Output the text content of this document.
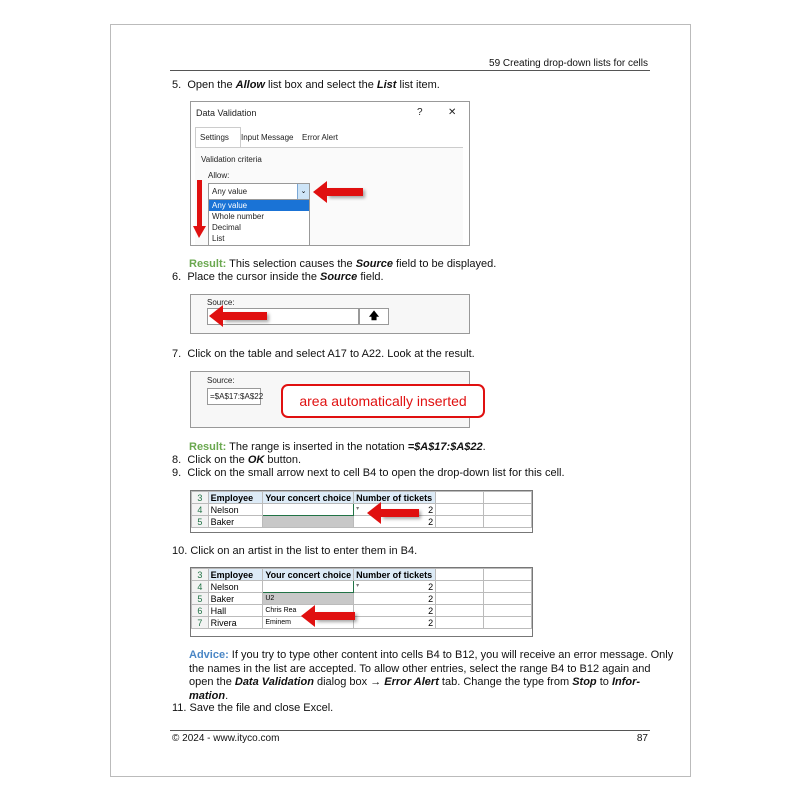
59 Creating drop-down lists for cells
5. Open the Allow list box and select the List list item.
Data Validation	?	✕
Settings Input Message Error Alert
Validation criteria
Allow:
Any value	⌄
Any value
Whole number
Decimal
List
Result: This selection causes the Source field to be displayed.
6. Place the cursor inside the Source field.
Source:
🡅
7. Click on the table and select A17 to A22. Look at the result.
Source:
=$A$17:$A$22	area automatically inserted
Result: The range is inserted in the notation =$A$17:$A$22.
8. Click on the OK button.
9. Click on the small arrow next to cell B4 to open the drop-down list for this cell.
3	Employee	Your concert choice	Number of tickets		
4	Nelson		▾ 2		
5	Baker		2		
10. Click on an artist in the list to enter them in B4.
3	Employee	Your concert choice	Number of tickets		
4	Nelson		▾ 2		
5	Baker	U2	2		
6	Hall	Chris Rea	2		
7	Rivera	Eminem	2		
Advice: If you try to type other content into cells B4 to B12, you will receive an error message. Only
the names in the list are accepted. To allow other entries, select the range B4 to B12 again and
open the Data Validation dialog box → Error Alert tab. Change the type from Stop to Infor-
mation.
11. Save the file and close Excel.
© 2024 - www.ityco.com	87
